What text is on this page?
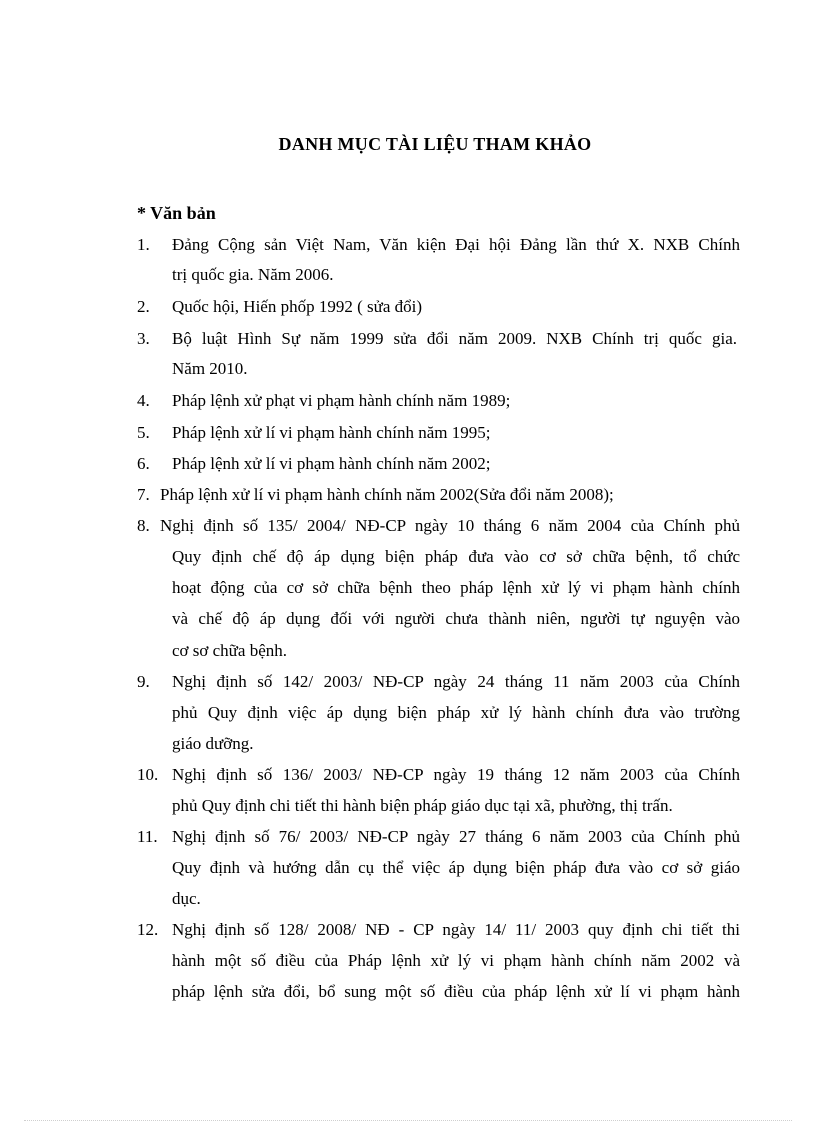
DANH MỤC TÀI LIỆU THAM KHẢO
* Văn bản
1. Đảng Cộng sản Việt Nam, Văn kiện Đại hội Đảng lần thứ X. NXB Chính
trị quốc gia. Năm 2006.
2. Quốc hội, Hiến phốp 1992 ( sửa đổi)
3. Bộ luật Hình Sự năm 1999 sửa đổi năm 2009. NXB Chính trị quốc gia.
Năm 2010.
4. Pháp lệnh xử phạt vi phạm hành chính năm 1989;
5. Pháp lệnh xử lí vi phạm hành chính năm 1995;
6. Pháp lệnh xử lí vi phạm hành chính năm 2002;
7. Pháp lệnh xử lí vi phạm hành chính năm 2002(Sửa đổi năm 2008);
8. Nghị định số 135/ 2004/ NĐ-CP ngày 10 tháng 6 năm 2004 của Chính phủ
Quy định chế độ áp dụng biện pháp đưa vào cơ sở chữa bệnh, tổ chức
hoạt động của cơ sở chữa bệnh theo pháp lệnh xử lý vi phạm hành chính
và chế độ áp dụng đối với người chưa thành niên, người tự nguyện vào
cơ sơ chữa bệnh.
9. Nghị định số 142/ 2003/ NĐ-CP ngày 24 tháng 11 năm 2003 của Chính
phủ Quy định việc áp dụng biện pháp xử lý hành chính đưa vào trường
giáo dưỡng.
10. Nghị định số 136/ 2003/ NĐ-CP ngày 19 tháng 12 năm 2003 của Chính
phủ Quy định chi tiết thi hành biện pháp giáo dục tại xã, phường, thị trấn.
11. Nghị định số 76/ 2003/ NĐ-CP ngày 27 tháng 6 năm 2003 của Chính phủ
Quy định và hướng dẫn cụ thể việc áp dụng biện pháp đưa vào cơ sở giáo
dục.
12. Nghị định số 128/ 2008/ NĐ - CP ngày 14/ 11/ 2003 quy định chi tiết thi
hành một số điều của Pháp lệnh xử lý vi phạm hành chính năm 2002 và
pháp lệnh sửa đổi, bổ sung một số điều của pháp lệnh xử lí vi phạm hành
